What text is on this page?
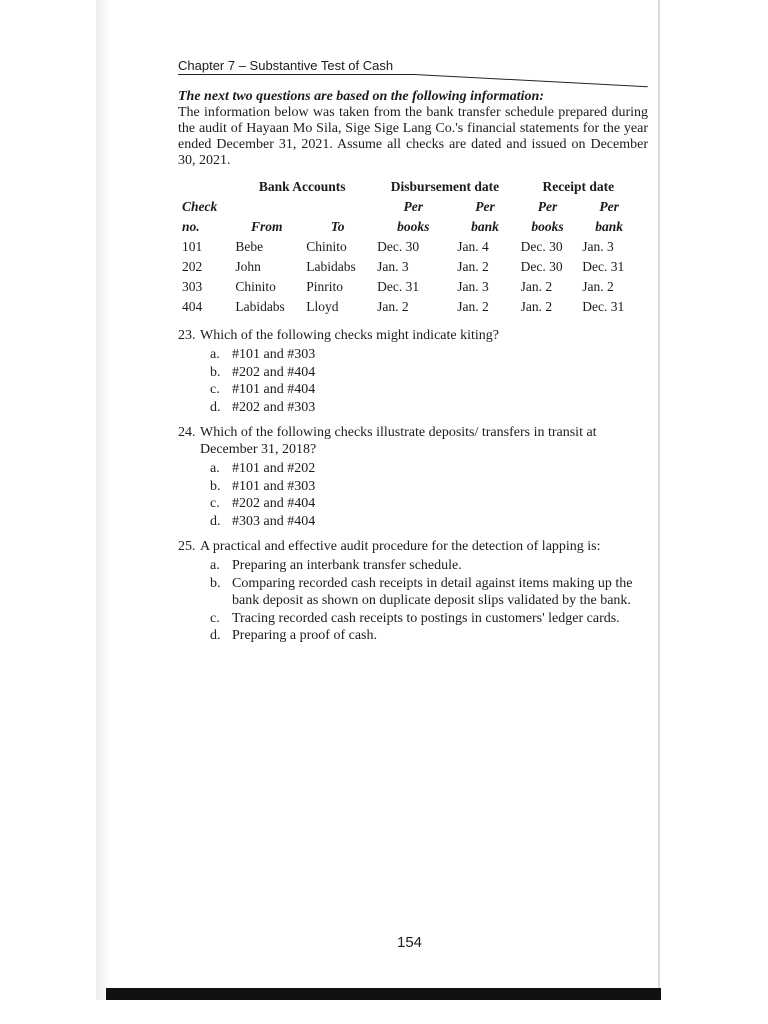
Chapter 7 – Substantive Test of Cash
The next two questions are based on the following information:

The information below was taken from the bank transfer schedule prepared during the audit of Hayaan Mo Sila, Sige Sige Lang Co.'s financial statements for the year ended December 31, 2021. Assume all checks are dated and issued on December 30, 2021.

	Bank Accounts		Disbursement date		Receipt date	
Check			Per	Per	Per	Per
no.	From	To	books	bank	books	bank
101	Bebe	Chinito	Dec. 30	Jan. 4	Dec. 30	Jan. 3
202	John	Labidabs	Jan. 3	Jan. 2	Dec. 30	Dec. 31
303	Chinito	Pinrito	Dec. 31	Jan. 3	Jan. 2	Jan. 2
404	Labidabs	Lloyd	Jan. 2	Jan. 2	Jan. 2	Dec. 31
23. Which of the following checks might indicate kiting?
a. #101 and #303
b. #202 and #404
c. #101 and #404
d. #202 and #303
24. Which of the following checks illustrate deposits/ transfers in transit at December 31, 2018?
a. #101 and #202
b. #101 and #303
c. #202 and #404
d. #303 and #404
25. A practical and effective audit procedure for the detection of lapping is:
a. Preparing an interbank transfer schedule.
b. Comparing recorded cash receipts in detail against items making up the bank deposit as shown on duplicate deposit slips validated by the bank.
c. Tracing recorded cash receipts to postings in customers' ledger cards.
d. Preparing a proof of cash.
154
